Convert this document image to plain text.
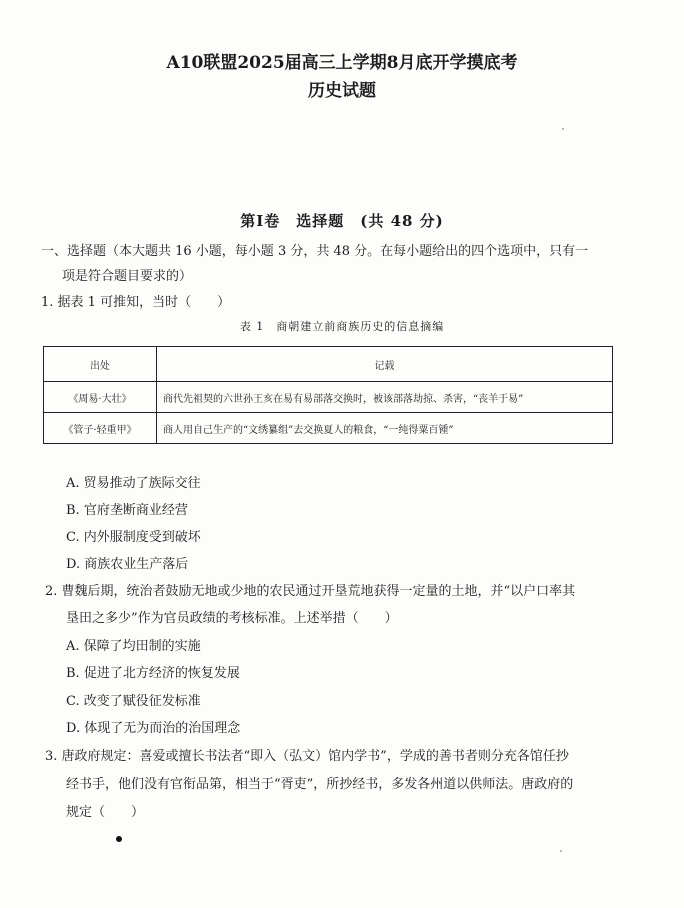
A10联盟2025届高三上学期8月底开学摸底考
历史试题
第Ⅰ卷　选择题　(共 48 分)
一、选择题（本大题共 16 小题，每小题 3 分，共 48 分。在每小题给出的四个选项中，只有一
项是符合题目要求的）
1. 据表 1 可推知，当时（　　）
表 1　商朝建立前商族历史的信息摘编
出处	记载
《周易·大壮》	商代先祖契的六世孙王亥在易有易部落交换时，被该部落劫掠、杀害，“丧羊于易”
《管子·轻重甲》	商人用自己生产的“文绣纂组”去交换夏人的粮食，“一纯得粟百锺”
A. 贸易推动了族际交往
B. 官府垄断商业经营
C. 内外服制度受到破坏
D. 商族农业生产落后
2. 曹魏后期，统治者鼓励无地或少地的农民通过开垦荒地获得一定量的土地，并“以户口率其
垦田之多少”作为官员政绩的考核标准。上述举措（　　）
A. 保障了均田制的实施
B. 促进了北方经济的恢复发展
C. 改变了赋役征发标准
D. 体现了无为而治的治国理念
3. 唐政府规定：喜爱或擅长书法者“即入（弘文）馆内学书”，学成的善书者则分充各馆任抄
经书手，他们没有官衔品第，相当于“胥吏”，所抄经书，多发各州道以供师法。唐政府的
规定（　　）
